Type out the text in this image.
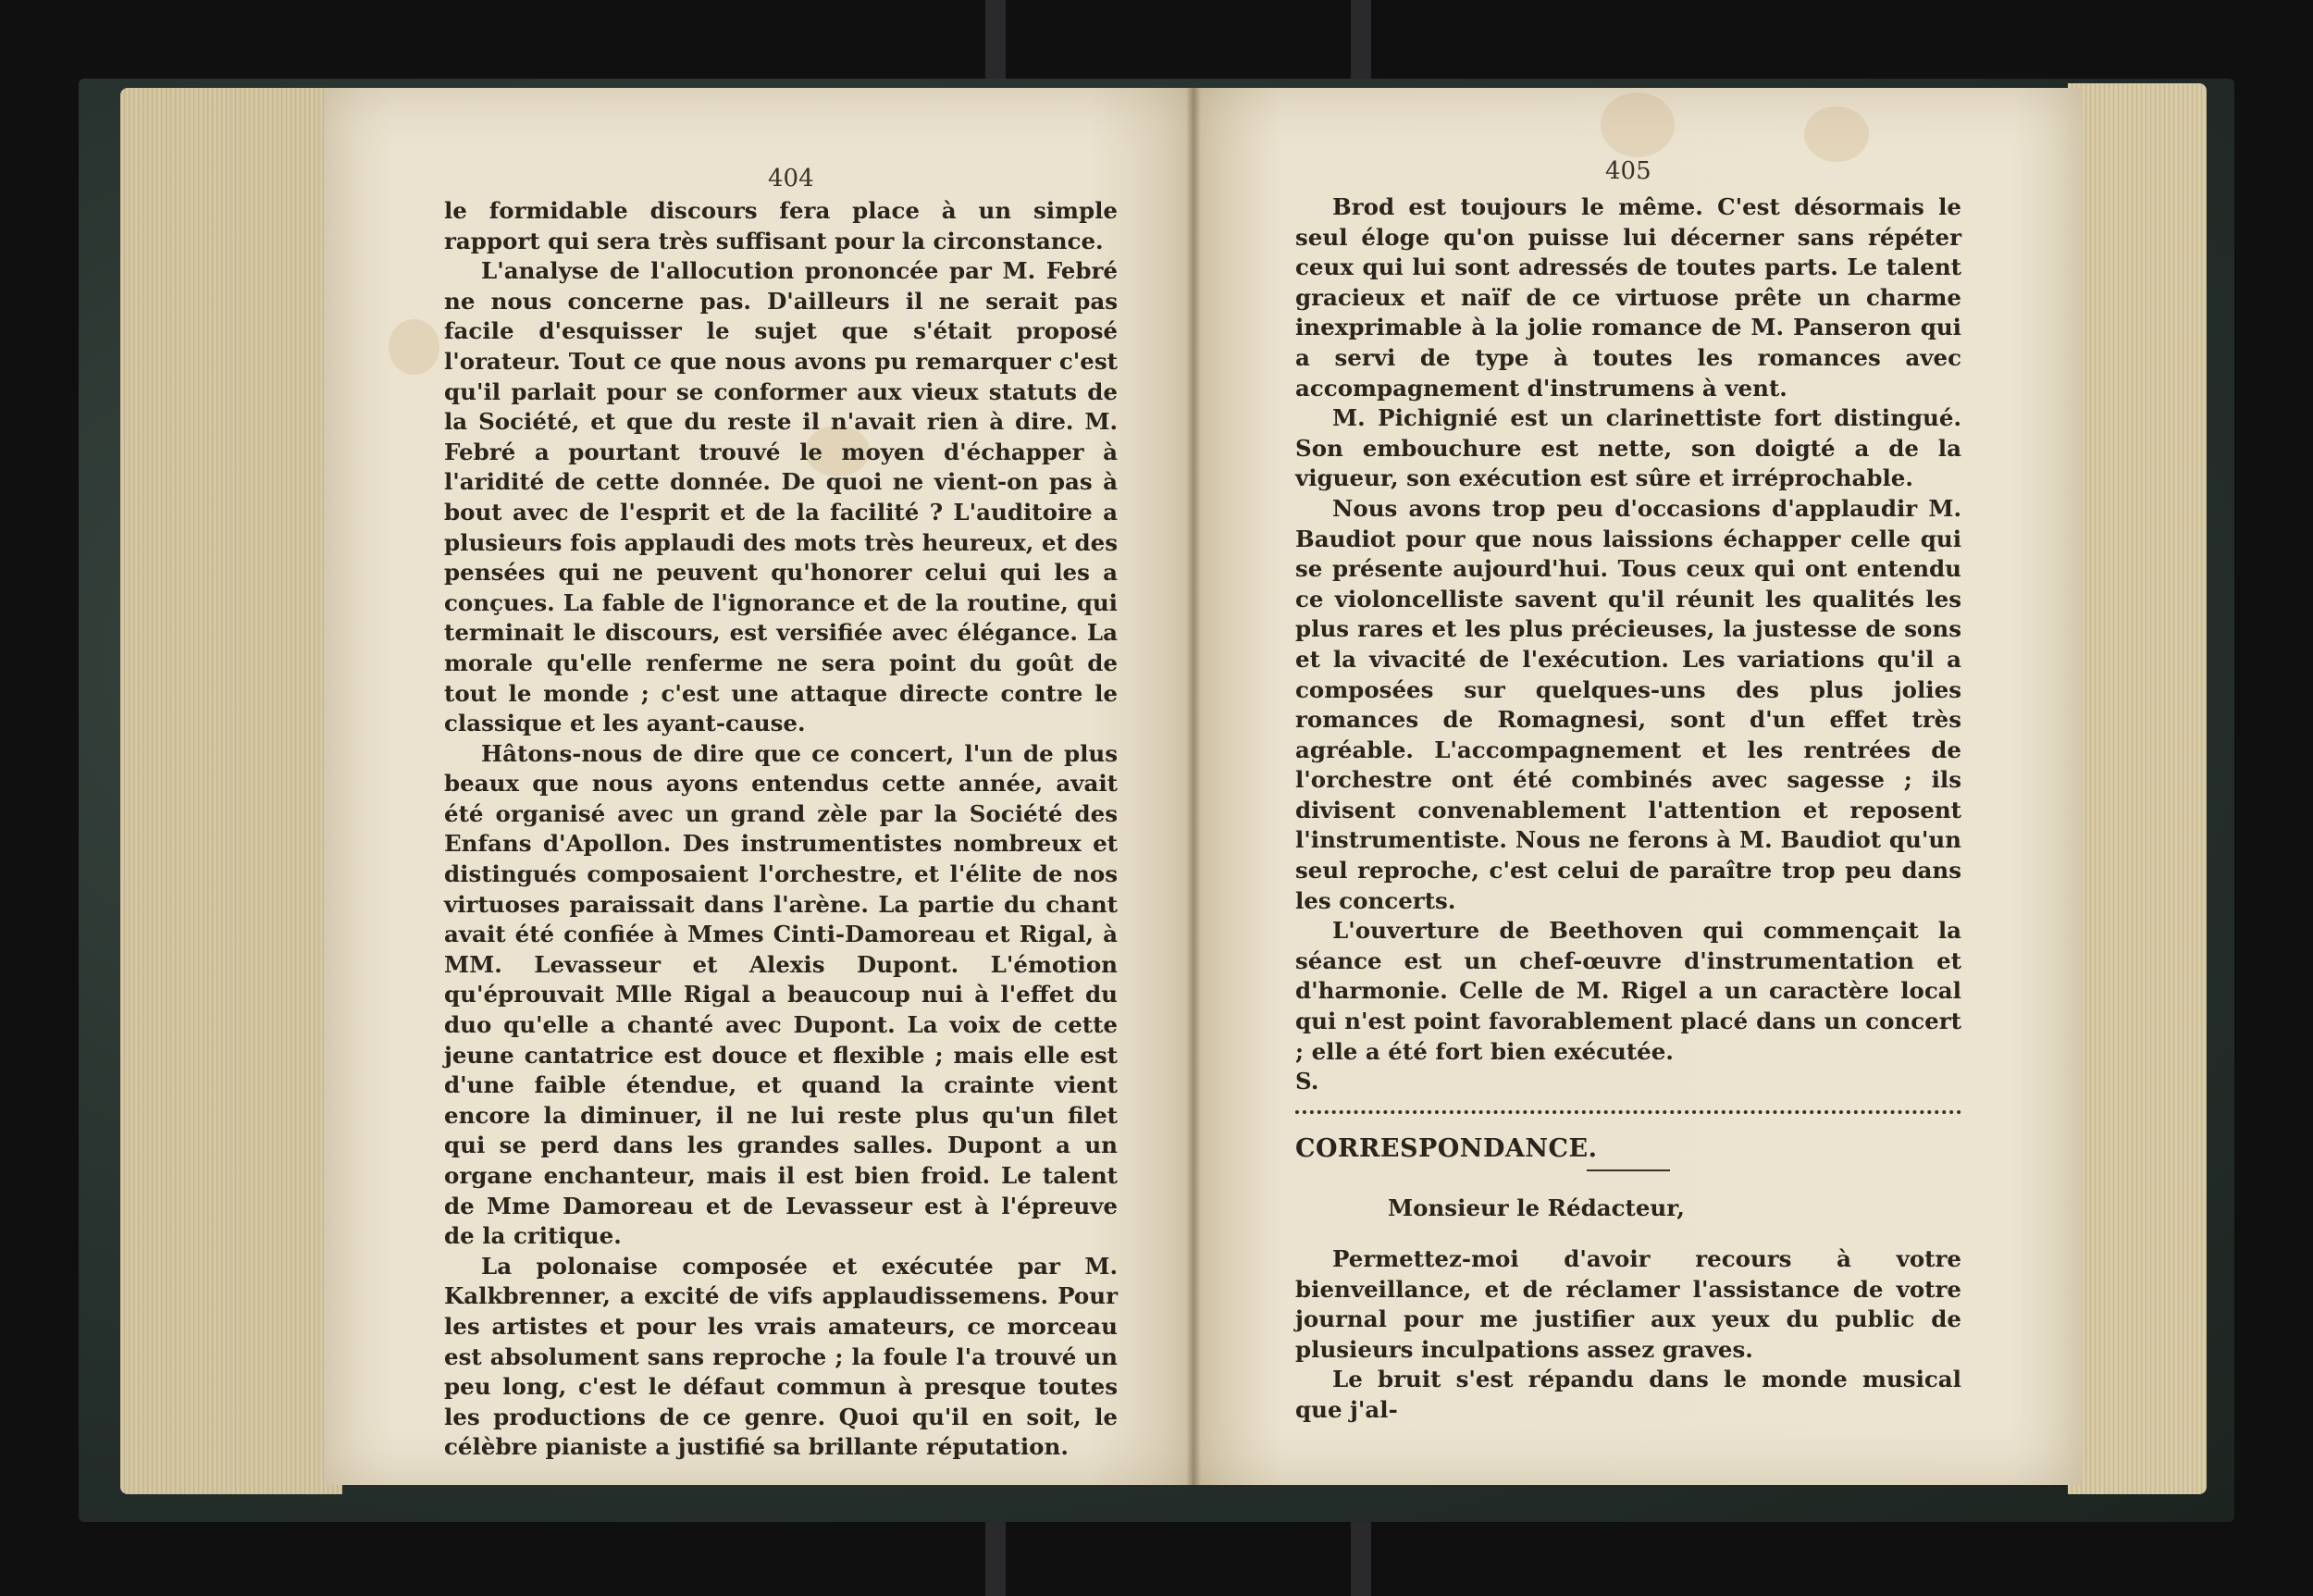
404	405

le formidable discours fera place à un simple rapport qui sera très suffisant pour la circonstance.

L'analyse de l'allocution prononcée par M. Febré ne nous concerne pas. D'ailleurs il ne serait pas facile d'esquisser le sujet que s'était proposé l'orateur. Tout ce que nous avons pu remarquer c'est qu'il parlait pour se conformer aux vieux statuts de la Société, et que du reste il n'avait rien à dire. M. Febré a pourtant trouvé le moyen d'échapper à l'aridité de cette donnée. De quoi ne vient-on pas à bout avec de l'esprit et de la facilité ? L'auditoire a plusieurs fois applaudi des mots très heureux, et des pensées qui ne peuvent qu'honorer celui qui les a conçues. La fable de l'ignorance et de la routine, qui terminait le discours, est versifiée avec élégance. La morale qu'elle renferme ne sera point du goût de tout le monde ; c'est une attaque directe contre le classique et les ayant-cause.

Hâtons-nous de dire que ce concert, l'un de plus beaux que nous ayons entendus cette année, avait été organisé avec un grand zèle par la Société des Enfans d'Apollon. Des instrumentistes nombreux et distingués composaient l'orchestre, et l'élite de nos virtuoses paraissait dans l'arène. La partie du chant avait été confiée à Mmes Cinti-Damoreau et Rigal, à MM. Levasseur et Alexis Dupont. L'émotion qu'éprouvait Mlle Rigal a beaucoup nui à l'effet du duo qu'elle a chanté avec Dupont. La voix de cette jeune cantatrice est douce et flexible ; mais elle est d'une faible étendue, et quand la crainte vient encore la diminuer, il ne lui reste plus qu'un filet qui se perd dans les grandes salles. Dupont a un organe enchanteur, mais il est bien froid. Le talent de Mme Damoreau et de Levasseur est à l'épreuve de la critique.

La polonaise composée et exécutée par M. Kalkbrenner, a excité de vifs applaudissemens. Pour les artistes et pour les vrais amateurs, ce morceau est absolument sans reproche ; la foule l'a trouvé un peu long, c'est le défaut commun à presque toutes les productions de ce genre. Quoi qu'il en soit, le célèbre pianiste a justifié sa brillante réputation.

Brod est toujours le même. C'est désormais le seul éloge qu'on puisse lui décerner sans répéter ceux qui lui sont adressés de toutes parts. Le talent gracieux et naïf de ce virtuose prête un charme inexprimable à la jolie romance de M. Panseron qui a servi de type à toutes les romances avec accompagnement d'instrumens à vent.

M. Pichignié est un clarinettiste fort distingué. Son embouchure est nette, son doigté a de la vigueur, son exécution est sûre et irréprochable.

Nous avons trop peu d'occasions d'applaudir M. Baudiot pour que nous laissions échapper celle qui se présente aujourd'hui. Tous ceux qui ont entendu ce violoncelliste savent qu'il réunit les qualités les plus rares et les plus précieuses, la justesse de sons et la vivacité de l'exécution. Les variations qu'il a composées sur quelques-uns des plus jolies romances de Romagnesi, sont d'un effet très agréable. L'accompagnement et les rentrées de l'orchestre ont été combinés avec sagesse ; ils divisent convenablement l'attention et reposent l'instrumentiste. Nous ne ferons à M. Baudiot qu'un seul reproche, c'est celui de paraître trop peu dans les concerts.

L'ouverture de Beethoven qui commençait la séance est un chef-œuvre d'instrumentation et d'harmonie. Celle de M. Rigel a un caractère local qui n'est point favorablement placé dans un concert ; elle a été fort bien exécutée.

S.

CORRESPONDANCE.

Monsieur le Rédacteur,

Permettez-moi d'avoir recours à votre bienveillance, et de réclamer l'assistance de votre journal pour me justifier aux yeux du public de plusieurs inculpations assez graves.

Le bruit s'est répandu dans le monde musical que j'al-
